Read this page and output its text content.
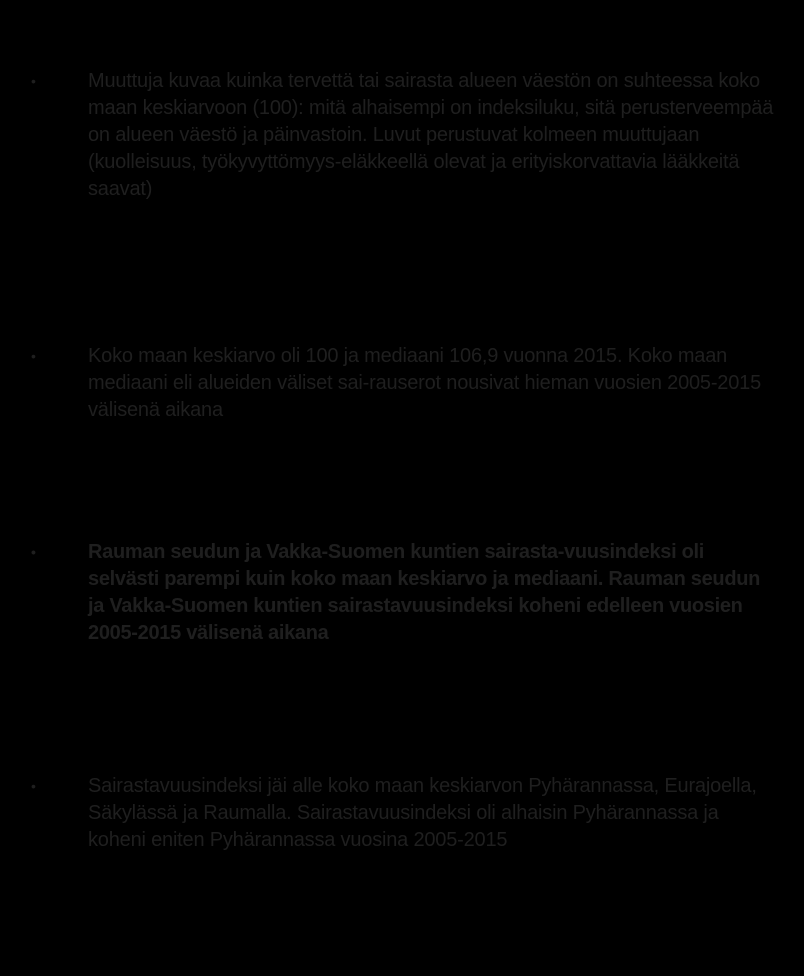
•	Muuttuja kuvaa kuinka tervettä tai sairasta alueen väestön on suhteessa koko maan keskiarvoon (100): mitä alhaisempi on indeksiluku, sitä perusterveempää on alueen väestö ja päinvastoin. Luvut perustuvat kolmeen muuttujaan (kuolleisuus, työkyvyttömyys-eläkkeellä olevat ja erityiskorvattavia lääkkeitä saavat)

•	Koko maan keskiarvo oli 100 ja mediaani 106,9 vuonna 2015. Koko maan mediaani eli alueiden väliset sai-rauserot nousivat hieman vuosien 2005-2015 välisenä aikana

•	Rauman seudun ja Vakka-Suomen kuntien sairasta-vuusindeksi oli selvästi parempi kuin koko maan keskiarvo ja mediaani. Rauman seudun ja Vakka-Suomen kuntien sairastavuusindeksi koheni edelleen vuosien 2005-2015 välisenä aikana

•	Sairastavuusindeksi jäi alle koko maan keskiarvon Pyhärannassa, Eurajoella, Säkylässä ja Raumalla. Sairastavuusindeksi oli alhaisin Pyhärannassa ja koheni eniten Pyhärannassa vuosina 2005-2015
